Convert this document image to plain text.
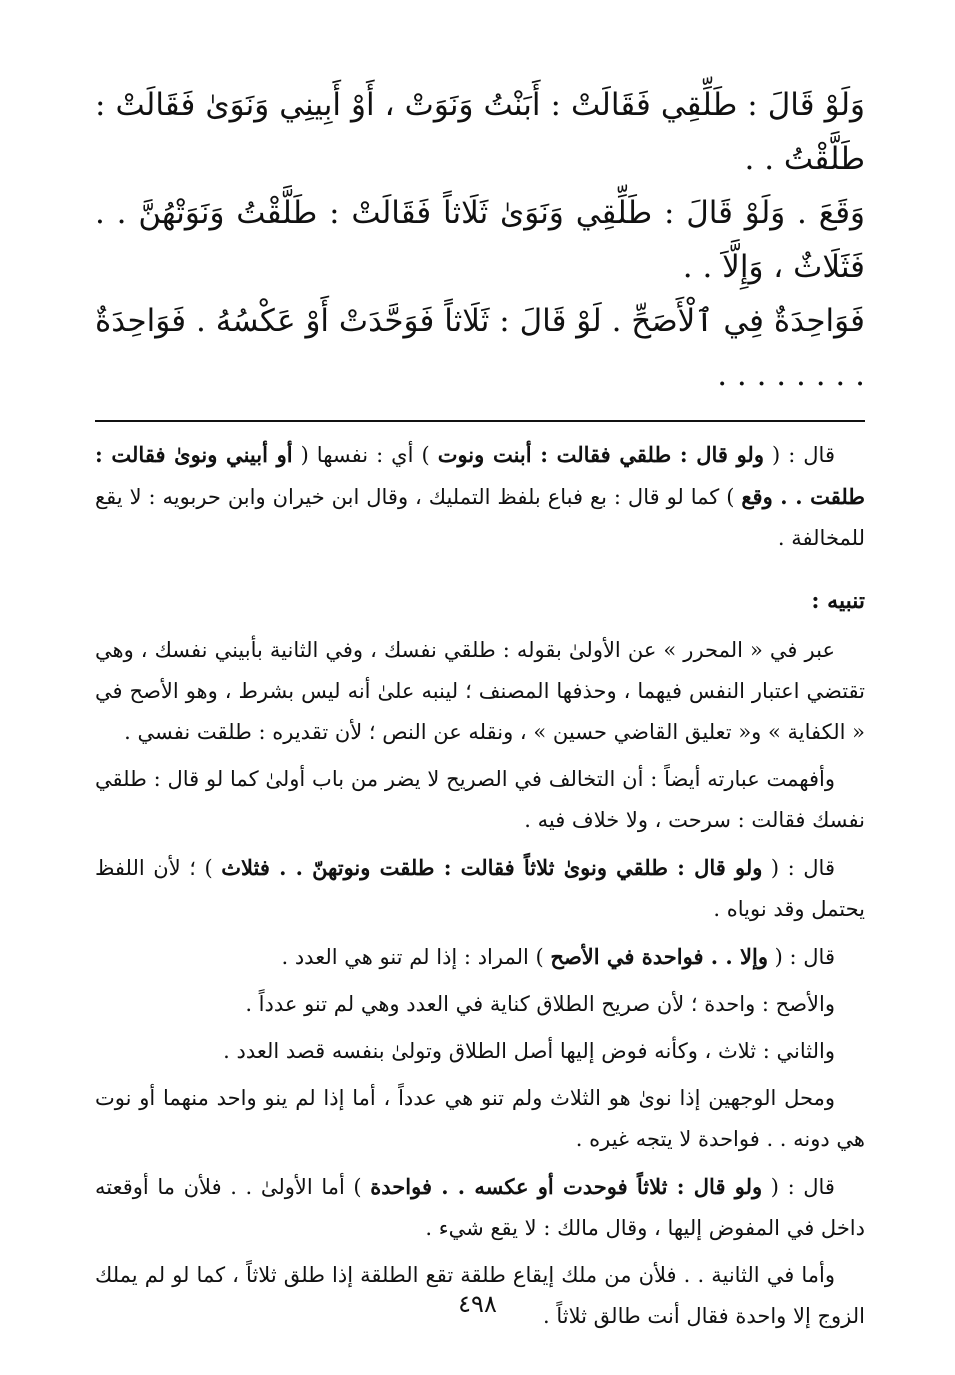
وَلَوْ قَالَ : طَلِّقِي فَقَالَتْ : أَبَنْتُ وَنَوَتْ ، أَوْ أَبِينِي وَنَوَىٰ فَقَالَتْ : طَلَّقْتُ . .

وَقَعَ . وَلَوْ قَالَ : طَلِّقِي وَنَوَىٰ ثَلَاثاً فَقَالَتْ : طَلَّقْتُ وَنَوَتْهُنَّ . . فَثَلَاثٌ ، وَإِلَّاَ . .

فَوَاحِدَةٌ فِي ٱلْأَصَحِّ . لَوْ قَالَ : ثَلَاثاً فَوَحَّدَتْ أَوْ عَكْسُهُ . فَوَاحِدَةٌ . . . . . . . .

قال : ( ولو قال : طلقي فقالت : أبنت ونوت ) أي : نفسها ( أو أبيني ونوىٰ فقالت : طلقت . . وقع ) كما لو قال : بع فباع بلفظ التمليك ، وقال ابن خيران وابن حربويه : لا يقع للمخالفة .

تنبيه :

عبر في « المحرر » عن الأولىٰ بقوله : طلقي نفسك ، وفي الثانية بأبيني نفسك ، وهي تقتضي اعتبار النفس فيهما ، وحذفها المصنف ؛ لينبه علىٰ أنه ليس بشرط ، وهو الأصح في « الكفاية » و« تعليق القاضي حسين » ، ونقله عن النص ؛ لأن تقديره : طلقت نفسي .

وأفهمت عبارته أيضاً : أن التخالف في الصريح لا يضر من باب أولىٰ كما لو قال : طلقي نفسك فقالت : سرحت ، ولا خلاف فيه .

قال : ( ولو قال : طلقي ونوىٰ ثلاثاً فقالت : طلقت ونوتهنّ . . فثلاث ) ؛ لأن اللفظ يحتمل وقد نوياه .

قال : ( وإلا . . فواحدة في الأصح ) المراد : إذا لم تنو هي العدد .

والأصح : واحدة ؛ لأن صريح الطلاق كناية في العدد وهي لم تنو عدداً .

والثاني : ثلاث ، وكأنه فوض إليها أصل الطلاق وتولىٰ بنفسه قصد العدد .

ومحل الوجهين إذا نوىٰ هو الثلاث ولم تنو هي عدداً ، أما إذا لم ينو واحد منهما أو نوت هي دونه . . فواحدة لا يتجه غيره .

قال : ( ولو قال : ثلاثاً فوحدت أو عكسه . . فواحدة ) أما الأولىٰ . . فلأن ما أوقعته داخل في المفوض إليها ، وقال مالك : لا يقع شيء .

وأما في الثانية . . فلأن من ملك إيقاع طلقة تقع الطلقة إذا طلق ثلاثاً ، كما لو لم يملك الزوج إلا واحدة فقال أنت طالق ثلاثاً .

٤٩٨
